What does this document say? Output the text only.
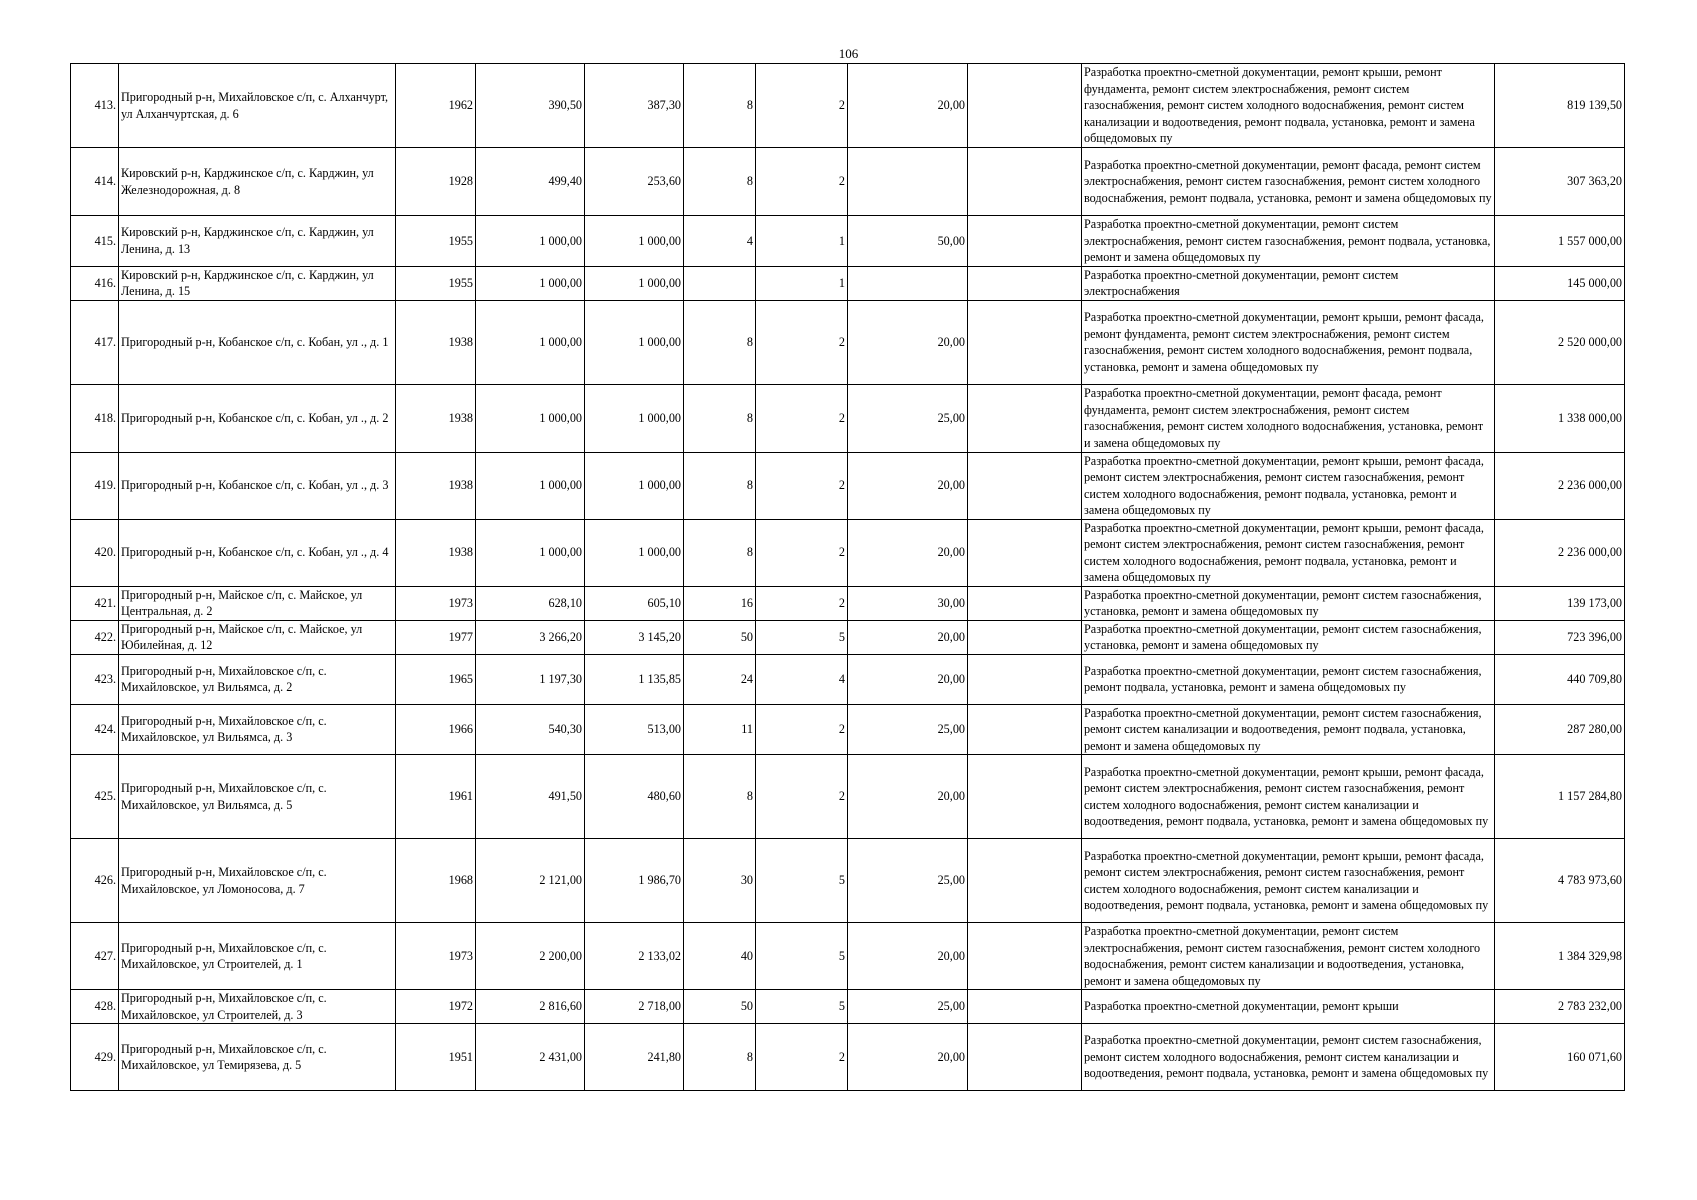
106
413.	Пригородный р-н, Михайловское с/п, с. Алханчурт, ул Алханчуртская, д. 6	1962	390,50	387,30	8	2	20,00		Разработка проектно-сметной документации, ремонт крыши, ремонт фундамента, ремонт систем электроснабжения, ремонт систем газоснабжения, ремонт систем холодного водоснабжения, ремонт систем канализации и водоотведения, ремонт подвала, установка, ремонт и замена общедомовых пу	819 139,50
414.	Кировский р-н, Карджинское с/п, с. Карджин, ул Железнодорожная, д. 8	1928	499,40	253,60	8	2			Разработка проектно-сметной документации, ремонт фасада, ремонт систем электроснабжения, ремонт систем газоснабжения, ремонт систем холодного водоснабжения, ремонт подвала, установка, ремонт и замена общедомовых пу	307 363,20
415.	Кировский р-н, Карджинское с/п, с. Карджин, ул Ленина, д. 13	1955	1 000,00	1 000,00	4	1	50,00		Разработка проектно-сметной документации, ремонт систем электроснабжения, ремонт систем газоснабжения, ремонт подвала, установка, ремонт и замена общедомовых пу	1 557 000,00
416.	Кировский р-н, Карджинское с/п, с. Карджин, ул Ленина, д. 15	1955	1 000,00	1 000,00		1			Разработка проектно-сметной документации, ремонт систем электроснабжения	145 000,00
417.	Пригородный р-н, Кобанское с/п, с. Кобан, ул ., д. 1	1938	1 000,00	1 000,00	8	2	20,00		Разработка проектно-сметной документации, ремонт крыши, ремонт фасада, ремонт фундамента, ремонт систем электроснабжения, ремонт систем газоснабжения, ремонт систем холодного водоснабжения, ремонт подвала, установка, ремонт и замена общедомовых пу	2 520 000,00
418.	Пригородный р-н, Кобанское с/п, с. Кобан, ул ., д. 2	1938	1 000,00	1 000,00	8	2	25,00		Разработка проектно-сметной документации, ремонт фасада, ремонт фундамента, ремонт систем электроснабжения, ремонт систем газоснабжения, ремонт систем холодного водоснабжения, установка, ремонт и замена общедомовых пу	1 338 000,00
419.	Пригородный р-н, Кобанское с/п, с. Кобан, ул ., д. 3	1938	1 000,00	1 000,00	8	2	20,00		Разработка проектно-сметной документации, ремонт крыши, ремонт фасада, ремонт систем электроснабжения, ремонт систем газоснабжения, ремонт систем холодного водоснабжения, ремонт подвала, установка, ремонт и замена общедомовых пу	2 236 000,00
420.	Пригородный р-н, Кобанское с/п, с. Кобан, ул ., д. 4	1938	1 000,00	1 000,00	8	2	20,00		Разработка проектно-сметной документации, ремонт крыши, ремонт фасада, ремонт систем электроснабжения, ремонт систем газоснабжения, ремонт систем холодного водоснабжения, ремонт подвала, установка, ремонт и замена общедомовых пу	2 236 000,00
421.	Пригородный р-н, Майское с/п, с. Майское, ул Центральная, д. 2	1973	628,10	605,10	16	2	30,00		Разработка проектно-сметной документации, ремонт систем газоснабжения, установка, ремонт и замена общедомовых пу	139 173,00
422.	Пригородный р-н, Майское с/п, с. Майское, ул Юбилейная, д. 12	1977	3 266,20	3 145,20	50	5	20,00		Разработка проектно-сметной документации, ремонт систем газоснабжения, установка, ремонт и замена общедомовых пу	723 396,00
423.	Пригородный р-н, Михайловское с/п, с. Михайловское, ул Вильямса, д. 2	1965	1 197,30	1 135,85	24	4	20,00		Разработка проектно-сметной документации, ремонт систем газоснабжения, ремонт подвала, установка, ремонт и замена общедомовых пу	440 709,80
424.	Пригородный р-н, Михайловское с/п, с. Михайловское, ул Вильямса, д. 3	1966	540,30	513,00	11	2	25,00		Разработка проектно-сметной документации, ремонт систем газоснабжения, ремонт систем канализации и водоотведения, ремонт подвала, установка, ремонт и замена общедомовых пу	287 280,00
425.	Пригородный р-н, Михайловское с/п, с. Михайловское, ул Вильямса, д. 5	1961	491,50	480,60	8	2	20,00		Разработка проектно-сметной документации, ремонт крыши, ремонт фасада, ремонт систем электроснабжения, ремонт систем газоснабжения, ремонт систем холодного водоснабжения, ремонт систем канализации и водоотведения, ремонт подвала, установка, ремонт и замена общедомовых пу	1 157 284,80
426.	Пригородный р-н, Михайловское с/п, с. Михайловское, ул Ломоносова, д. 7	1968	2 121,00	1 986,70	30	5	25,00		Разработка проектно-сметной документации, ремонт крыши, ремонт фасада, ремонт систем электроснабжения, ремонт систем газоснабжения, ремонт систем холодного водоснабжения, ремонт систем канализации и водоотведения, ремонт подвала, установка, ремонт и замена общедомовых пу	4 783 973,60
427.	Пригородный р-н, Михайловское с/п, с. Михайловское, ул Строителей, д. 1	1973	2 200,00	2 133,02	40	5	20,00		Разработка проектно-сметной документации, ремонт систем электроснабжения, ремонт систем газоснабжения, ремонт систем холодного водоснабжения, ремонт систем канализации и водоотведения, установка, ремонт и замена общедомовых пу	1 384 329,98
428.	Пригородный р-н, Михайловское с/п, с. Михайловское, ул Строителей, д. 3	1972	2 816,60	2 718,00	50	5	25,00		Разработка проектно-сметной документации, ремонт крыши	2 783 232,00
429.	Пригородный р-н, Михайловское с/п, с. Михайловское, ул Темирязева, д. 5	1951	2 431,00	241,80	8	2	20,00		Разработка проектно-сметной документации, ремонт систем газоснабжения, ремонт систем холодного водоснабжения, ремонт систем канализации и водоотведения, ремонт подвала, установка, ремонт и замена общедомовых пу	160 071,60
